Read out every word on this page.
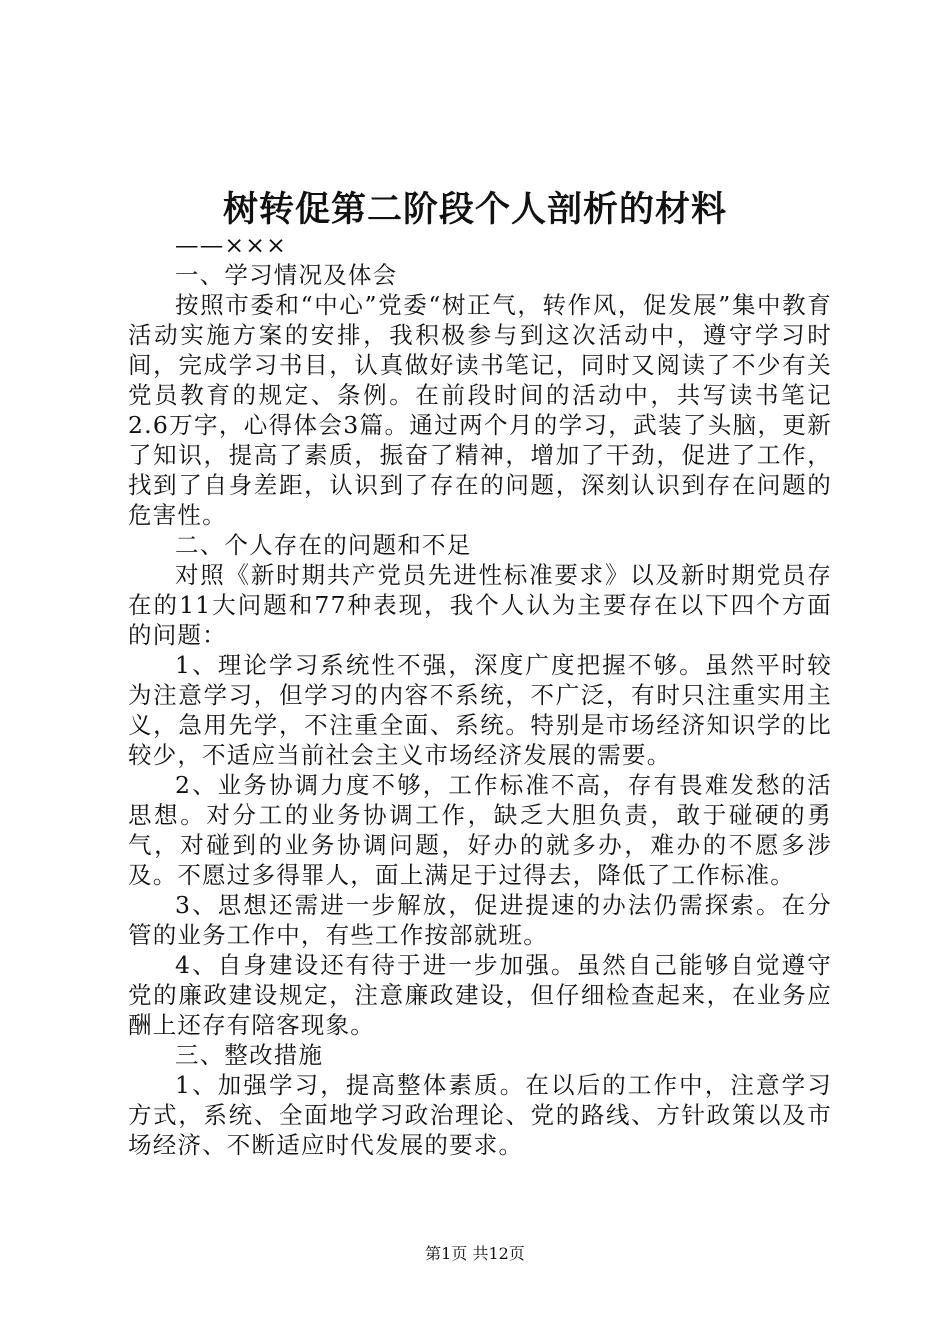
树转促第二阶段个人剖析的材料

——×××

一、学习情况及体会

按照市委和“中心”党委“树正气，转作风，促发展”集中教育活动实施方案的安排，我积极参与到这次活动中，遵守学习时间，完成学习书目，认真做好读书笔记，同时又阅读了不少有关党员教育的规定、条例。在前段时间的活动中，共写读书笔记2.6万字，心得体会3篇。通过两个月的学习，武装了头脑，更新了知识，提高了素质，振奋了精神，增加了干劲，促进了工作，找到了自身差距，认识到了存在的问题，深刻认识到存在问题的危害性。

二、个人存在的问题和不足

对照《新时期共产党员先进性标准要求》以及新时期党员存在的11大问题和77种表现，我个人认为主要存在以下四个方面的问题：

1、理论学习系统性不强，深度广度把握不够。虽然平时较为注意学习，但学习的内容不系统，不广泛，有时只注重实用主义，急用先学，不注重全面、系统。特别是市场经济知识学的比较少，不适应当前社会主义市场经济发展的需要。

2、业务协调力度不够，工作标准不高，存有畏难发愁的活思想。对分工的业务协调工作，缺乏大胆负责，敢于碰硬的勇气，对碰到的业务协调问题，好办的就多办，难办的不愿多涉及。不愿过多得罪人，面上满足于过得去，降低了工作标准。

3、思想还需进一步解放，促进提速的办法仍需探索。在分管的业务工作中，有些工作按部就班。

4、自身建设还有待于进一步加强。虽然自己能够自觉遵守党的廉政建设规定，注意廉政建设，但仔细检查起来，在业务应酬上还存有陪客现象。

三、整改措施

1、加强学习，提高整体素质。在以后的工作中，注意学习方式，系统、全面地学习政治理论、党的路线、方针政策以及市场经济、不断适应时代发展的要求。

第1页 共12页
